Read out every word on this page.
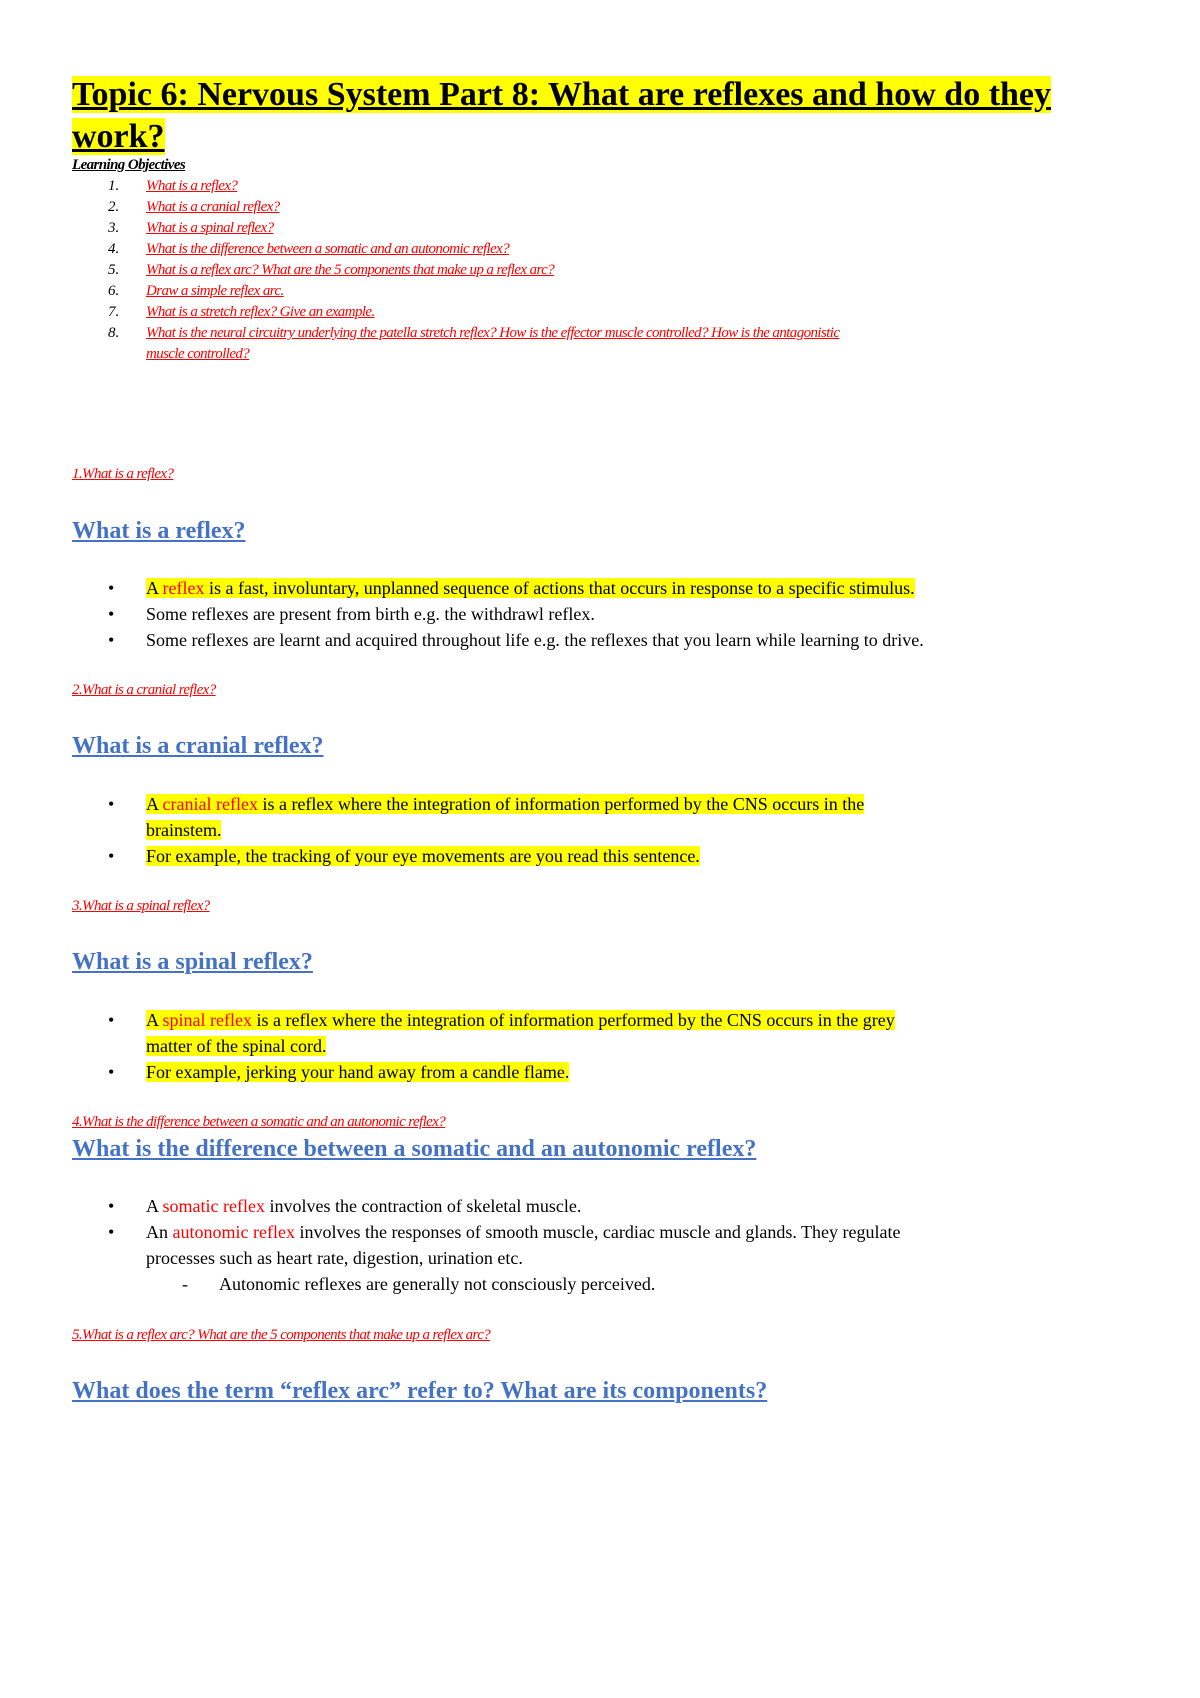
Topic 6: Nervous System Part 8: What are reflexes and how do they work?
Learning Objectives
1. What is a reflex?
2. What is a cranial reflex?
3. What is a spinal reflex?
4. What is the difference between a somatic and an autonomic reflex?
5. What is a reflex arc? What are the 5 components that make up a reflex arc?
6. Draw a simple reflex arc.
7. What is a stretch reflex? Give an example.
8. What is the neural circuitry underlying the patella stretch reflex? How is the effector muscle controlled? How is the antagonistic
muscle controlled?
1.What is a reflex?
What is a reflex?
• A reflex is a fast, involuntary, unplanned sequence of actions that occurs in response to a specific stimulus.
• Some reflexes are present from birth e.g. the withdrawl reflex.
• Some reflexes are learnt and acquired throughout life e.g. the reflexes that you learn while learning to drive.
2.What is a cranial reflex?
What is a cranial reflex?
• A cranial reflex is a reflex where the integration of information performed by the CNS occurs in the
brainstem.
• For example, the tracking of your eye movements are you read this sentence.
3.What is a spinal reflex?
What is a spinal reflex?
• A spinal reflex is a reflex where the integration of information performed by the CNS occurs in the grey
matter of the spinal cord.
• For example, jerking your hand away from a candle flame.
4.What is the difference between a somatic and an autonomic reflex?
What is the difference between a somatic and an autonomic reflex?
• A somatic reflex involves the contraction of skeletal muscle.
• An autonomic reflex involves the responses of smooth muscle, cardiac muscle and glands. They regulate
processes such as heart rate, digestion, urination etc.
- Autonomic reflexes are generally not consciously perceived.
5.What is a reflex arc? What are the 5 components that make up a reflex arc?
What does the term “reflex arc” refer to? What are its components?
